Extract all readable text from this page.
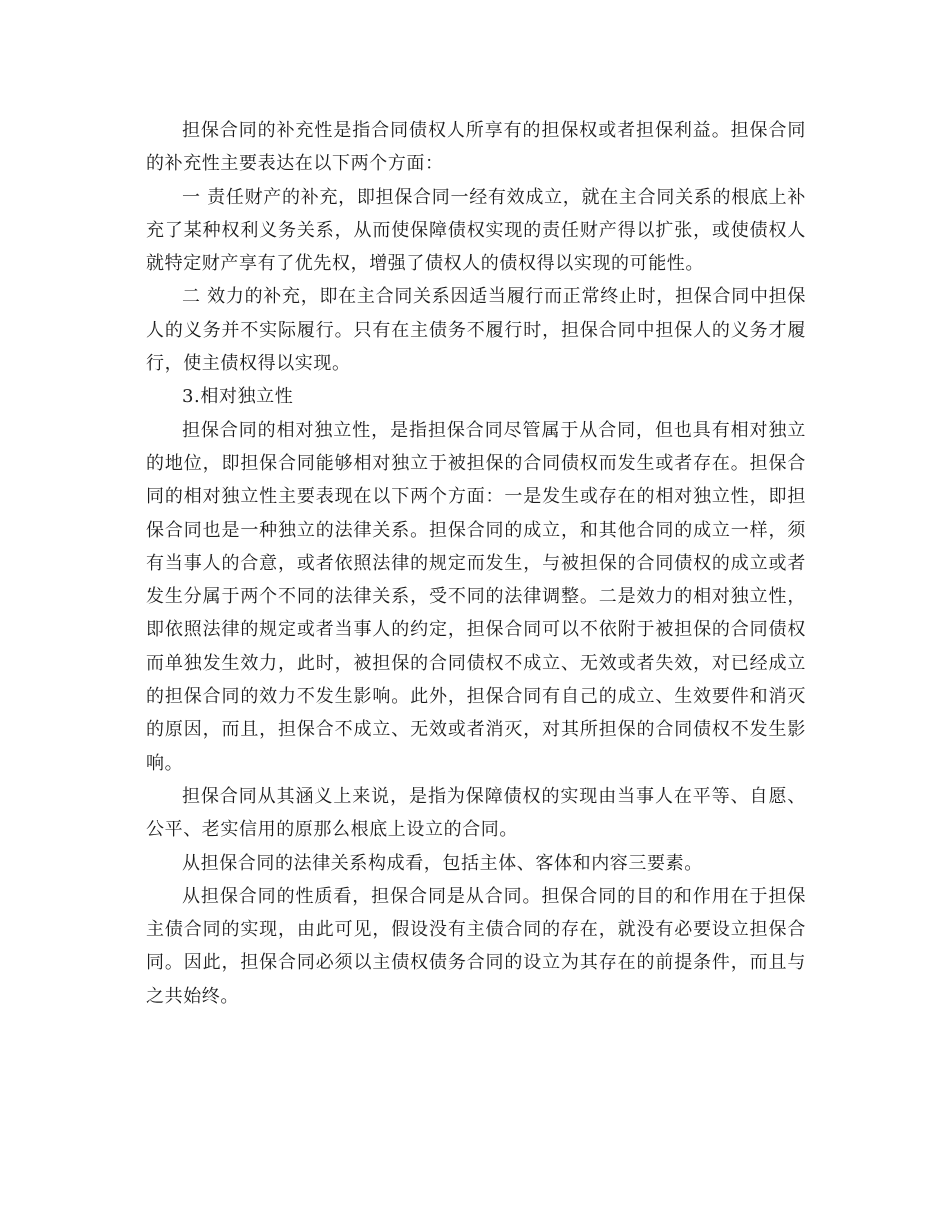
担保合同的补充性是指合同债权人所享有的担保权或者担保利益。担保合同的补充性主要表达在以下两个方面：

一 责任财产的补充，即担保合同一经有效成立，就在主合同关系的根底上补充了某种权利义务关系，从而使保障债权实现的责任财产得以扩张，或使债权人就特定财产享有了优先权，增强了债权人的债权得以实现的可能性。

二 效力的补充，即在主合同关系因适当履行而正常终止时，担保合同中担保人的义务并不实际履行。只有在主债务不履行时，担保合同中担保人的义务才履行，使主债权得以实现。

3.相对独立性

担保合同的相对独立性，是指担保合同尽管属于从合同，但也具有相对独立的地位，即担保合同能够相对独立于被担保的合同债权而发生或者存在。担保合同的相对独立性主要表现在以下两个方面：一是发生或存在的相对独立性，即担保合同也是一种独立的法律关系。担保合同的成立，和其他合同的成立一样，须有当事人的合意，或者依照法律的规定而发生，与被担保的合同债权的成立或者发生分属于两个不同的法律关系，受不同的法律调整。二是效力的相对独立性，即依照法律的规定或者当事人的约定，担保合同可以不依附于被担保的合同债权而单独发生效力，此时，被担保的合同债权不成立、无效或者失效，对已经成立的担保合同的效力不发生影响。此外，担保合同有自己的成立、生效要件和消灭的原因，而且，担保合不成立、无效或者消灭，对其所担保的合同债权不发生影响。

担保合同从其涵义上来说，是指为保障债权的实现由当事人在平等、自愿、公平、老实信用的原那么根底上设立的合同。

从担保合同的法律关系构成看，包括主体、客体和内容三要素。

从担保合同的性质看，担保合同是从合同。担保合同的目的和作用在于担保主债合同的实现，由此可见，假设没有主债合同的存在，就没有必要设立担保合同。因此，担保合同必须以主债权债务合同的设立为其存在的前提条件，而且与之共始终。
